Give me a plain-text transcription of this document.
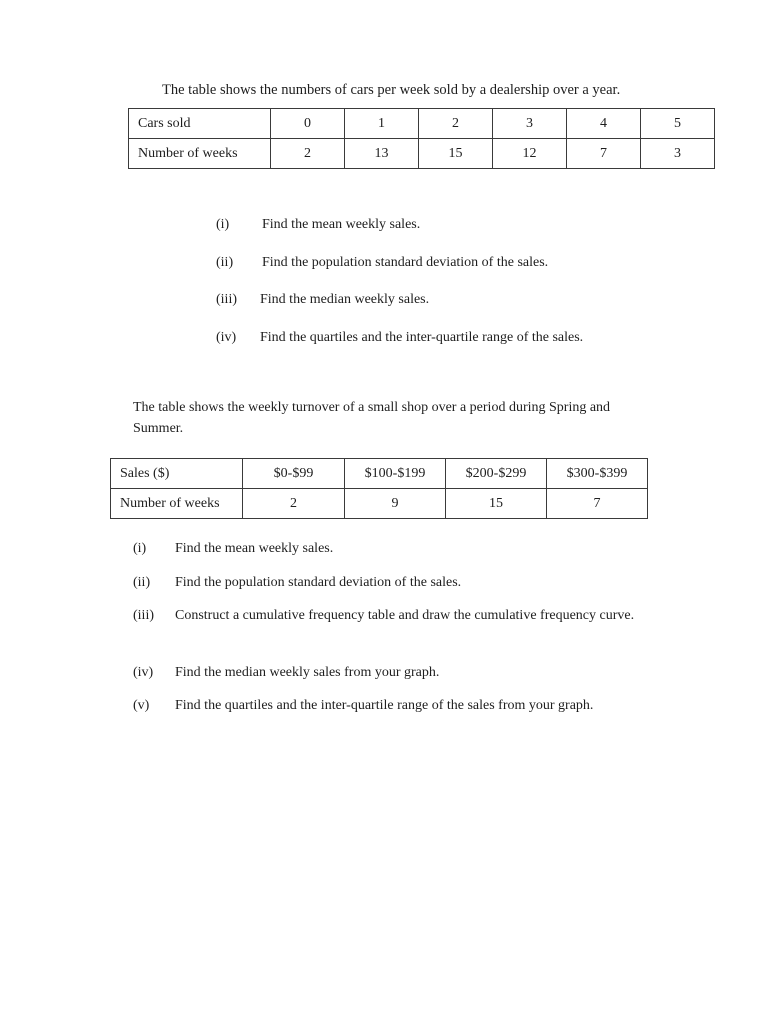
The table shows the numbers of cars per week sold by a dealership over a year.
Cars sold	0	1	2	3	4	5
Number of weeks	2	13	15	12	7	3
(i) Find the mean weekly sales.
(ii) Find the population standard deviation of the sales.
(iii) Find the median weekly sales.
(iv) Find the quartiles and the inter-quartile range of the sales.
The table shows the weekly turnover of a small shop over a period during Spring and Summer.
Sales ($)	$0-$99	$100-$199	$200-$299	$300-$399
Number of weeks	2	9	15	7
(i) Find the mean weekly sales.
(ii) Find the population standard deviation of the sales.
(iii) Construct a cumulative frequency table and draw the cumulative frequency curve.
(iv) Find the median weekly sales from your graph.
(v) Find the quartiles and the inter-quartile range of the sales from your graph.
